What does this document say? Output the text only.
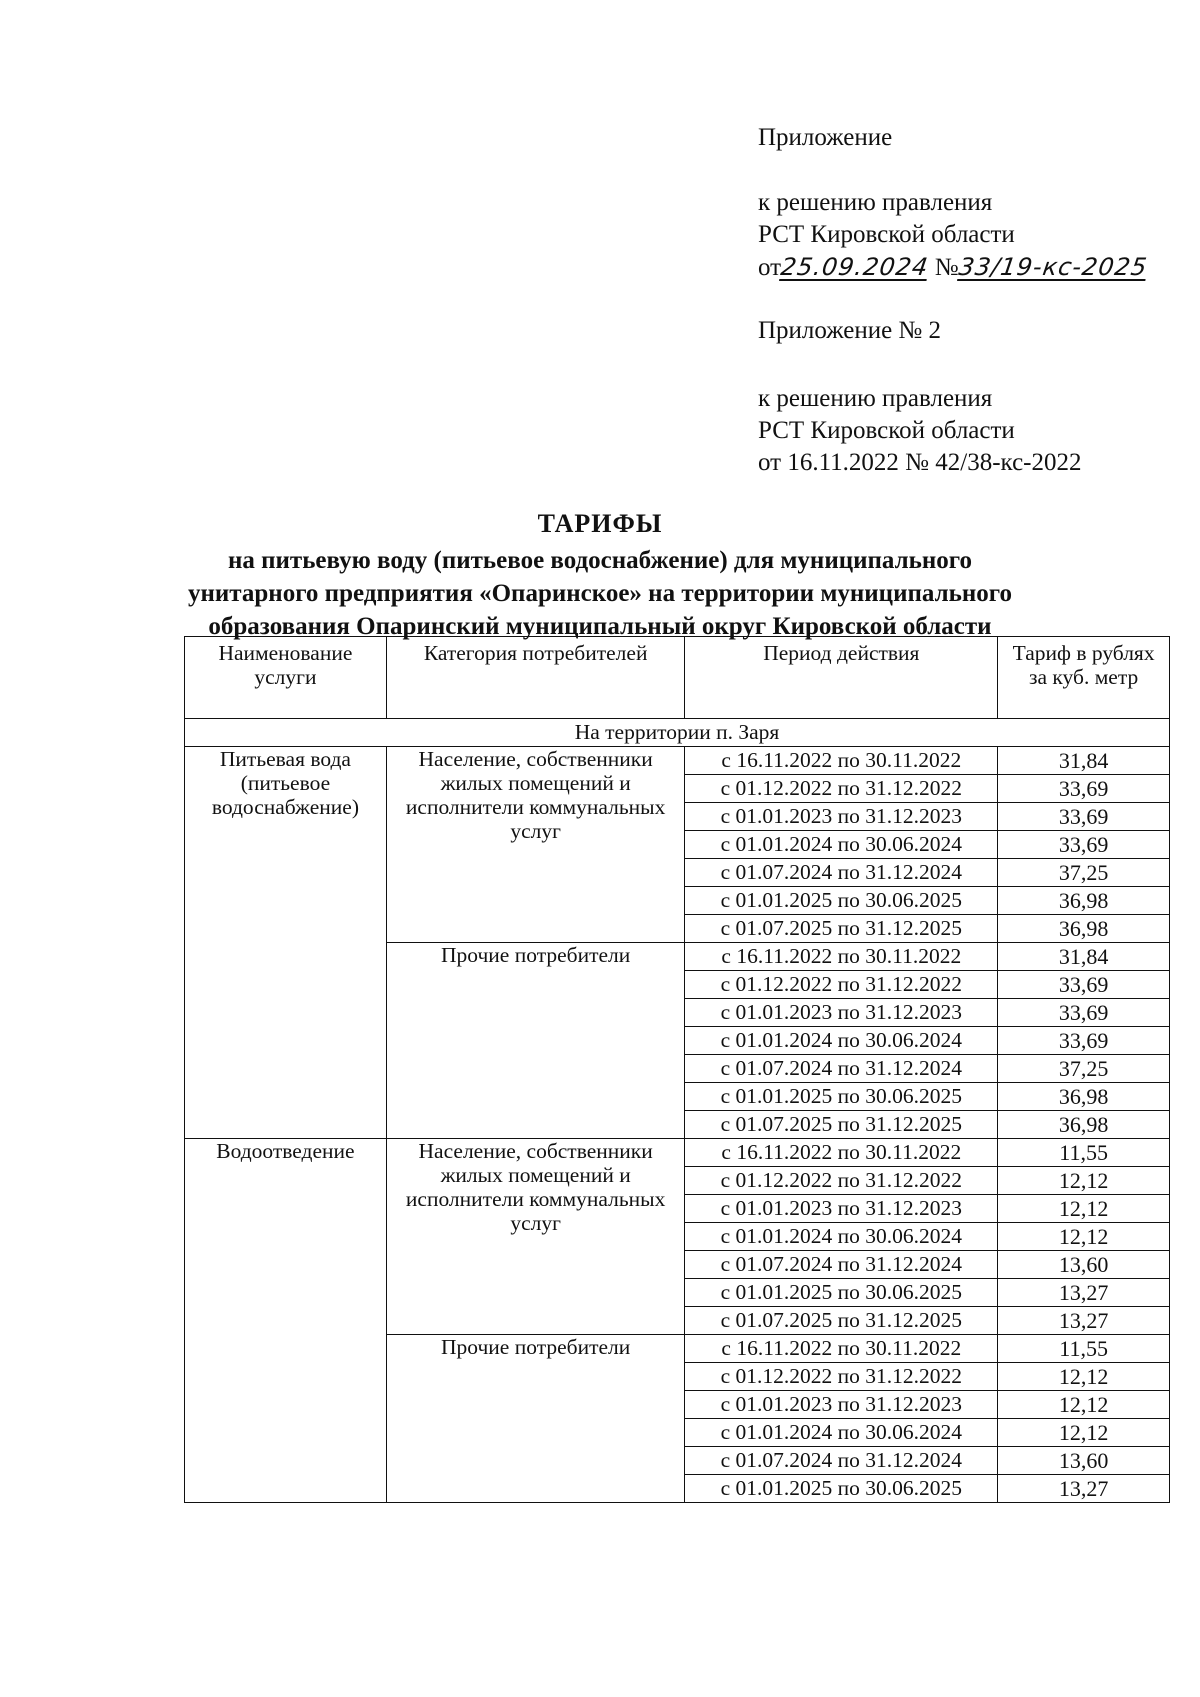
Приложение
к решению правления
РСТ Кировской области
от25.09.2024 №33/19-кс-2025
Приложение № 2
к решению правления
РСТ Кировской области
от 16.11.2022 № 42/38-кс-2022
ТАРИФЫ
на питьевую воду (питьевое водоснабжение) для муниципального
унитарного предприятия «Опаринское» на территории муниципального
образования Опаринский муниципальный округ Кировской области
Наименование услуги	Категория потребителей	Период действия	Тариф в рублях за куб. метр
На территории п. Заря			
Питьевая вода (питьевое водоснабжение)	Население, собственники жилых помещений и исполнители коммунальных услуг	с 16.11.2022 по 30.11.2022	31,84
		с 01.12.2022 по 31.12.2022	33,69
		с 01.01.2023 по 31.12.2023	33,69
		с 01.01.2024 по 30.06.2024	33,69
		с 01.07.2024 по 31.12.2024	37,25
		с 01.01.2025 по 30.06.2025	36,98
		с 01.07.2025 по 31.12.2025	36,98
	Прочие потребители	с 16.11.2022 по 30.11.2022	31,84
		с 01.12.2022 по 31.12.2022	33,69
		с 01.01.2023 по 31.12.2023	33,69
		с 01.01.2024 по 30.06.2024	33,69
		с 01.07.2024 по 31.12.2024	37,25
		с 01.01.2025 по 30.06.2025	36,98
		с 01.07.2025 по 31.12.2025	36,98
Водоотведение	Население, собственники жилых помещений и исполнители коммунальных услуг	с 16.11.2022 по 30.11.2022	11,55
		с 01.12.2022 по 31.12.2022	12,12
		с 01.01.2023 по 31.12.2023	12,12
		с 01.01.2024 по 30.06.2024	12,12
		с 01.07.2024 по 31.12.2024	13,60
		с 01.01.2025 по 30.06.2025	13,27
		с 01.07.2025 по 31.12.2025	13,27
	Прочие потребители	с 16.11.2022 по 30.11.2022	11,55
		с 01.12.2022 по 31.12.2022	12,12
		с 01.01.2023 по 31.12.2023	12,12
		с 01.01.2024 по 30.06.2024	12,12
		с 01.07.2024 по 31.12.2024	13,60
		с 01.01.2025 по 30.06.2025	13,27
